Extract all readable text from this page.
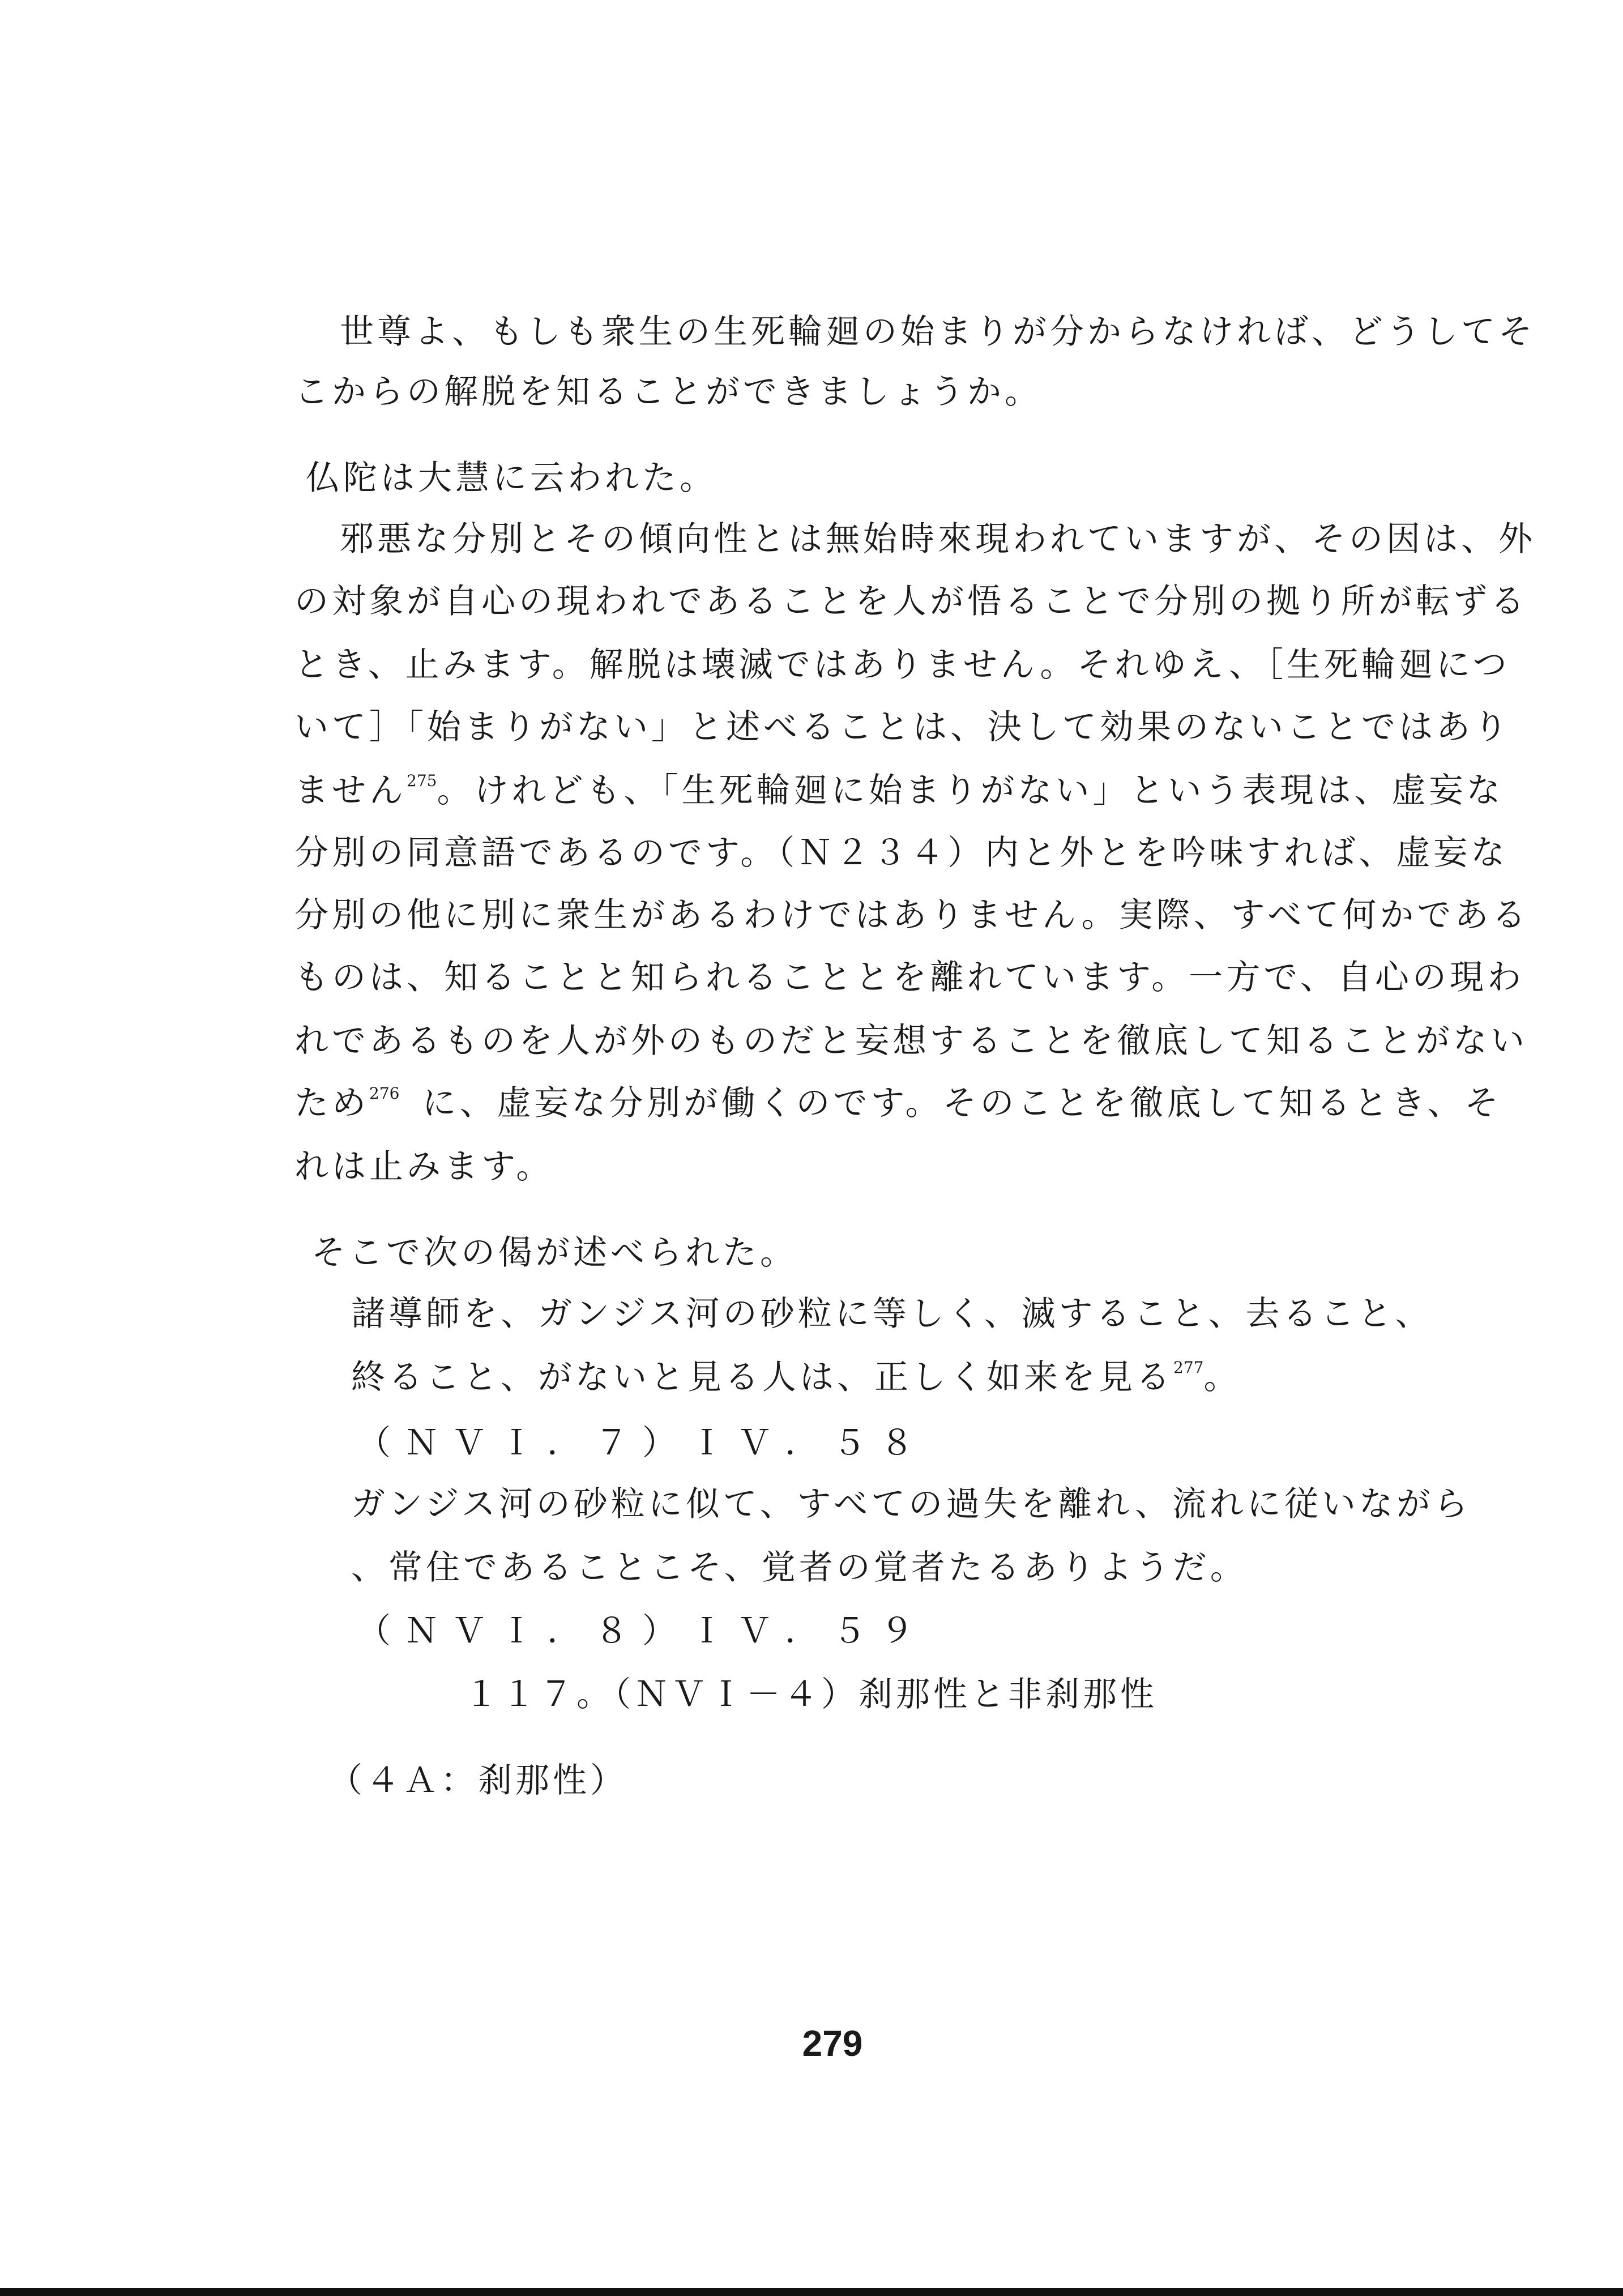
世尊よ、もしも衆生の生死輪廻の始まりが分からなければ、どうしてそ
こからの解脱を知ることができましょうか。
仏陀は大慧に云われた。
邪悪な分別とその傾向性とは無始時來現われていますが、その因は、外
の対象が自心の現われであることを人が悟ることで分別の拠り所が転ずる
とき、止みます。解脱は壊滅ではありません。それゆえ、［生死輪廻につ
いて］「始まりがない」と述べることは、決して効果のないことではあり
ません$^{275}$。けれども、「生死輪廻に始まりがない」という表現は、虚妄な
分別の同意語であるのです。（Ｎ２３４）内と外とを吟味すれば、虚妄な
分別の他に別に衆生があるわけではありません。実際、すべて何かである
ものは、知ることと知られることとを離れています。一方で、自心の現わ
れであるものを人が外のものだと妄想することを徹底して知ることがない
ため$^{276}$ に、虚妄な分別が働くのです。そのことを徹底して知るとき、そ
れは止みます。
そこで次の偈が述べられた。
諸導師を、ガンジス河の砂粒に等しく、滅すること、去ること、
終ること、がないと見る人は、正しく如来を見る$^{277}$。
（ＮＶＩ．７）ＩＶ．５８
ガンジス河の砂粒に似て、すべての過失を離れ、流れに従いながら
、常住であることこそ、覚者の覚者たるありようだ。
（ＮＶＩ．８）ＩＶ．５９
１１７。（ＮＶＩ－４）刹那性と非刹那性
（４Ａ：刹那性）
279
